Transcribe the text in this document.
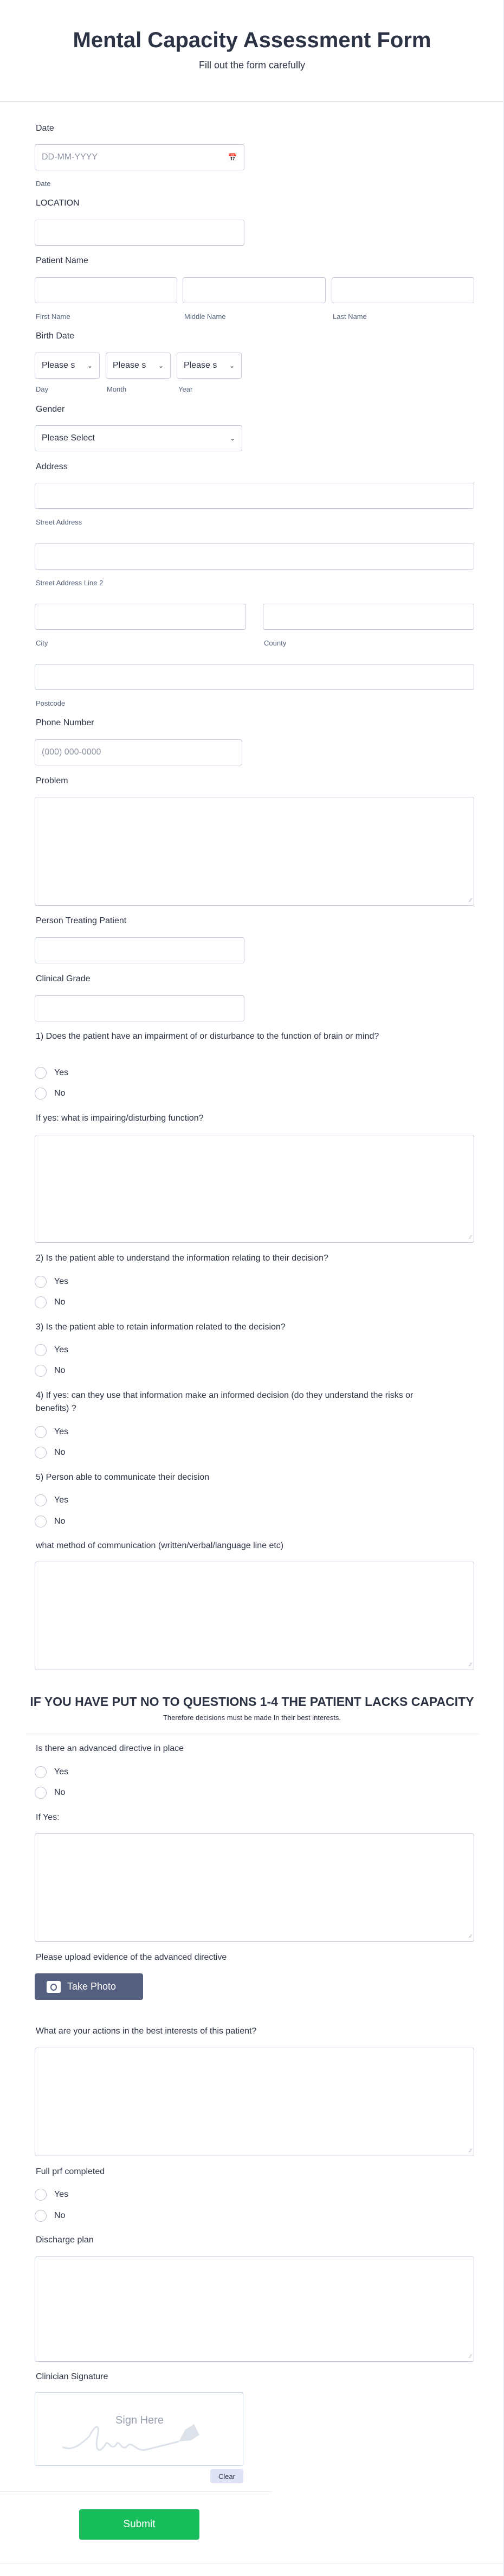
Mental Capacity Assessment Form
Fill out the form carefully
Date
DD-MM-YYYY	📅
Date
LOCATION
Patient Name
First Name	Middle Name	Last Name
Birth Date
Please s ⌄ Please s ⌄ Please s ⌄
Day	Month	Year
Gender
Please Select	⌄
Address
Street Address
Street Address Line 2
City	County
Postcode
Phone Number
(000) 000-0000
Problem
∕∕
Person Treating Patient
Clinical Grade
1) Does the patient have an impairment of or disturbance to the function of brain or mind?
Yes
No
If yes: what is impairing/disturbing function?
∕∕
2) Is the patient able to understand the information relating to their decision?
Yes
No
3) Is the patient able to retain information related to the decision?
Yes
No
4) If yes: can they use that information make an informed decision (do they understand the risks or benefits) ?
Yes
No
5) Person able to communicate their decision
Yes
No
what method of communication (written/verbal/language line etc)
∕∕
IF YOU HAVE PUT NO TO QUESTIONS 1-4 THE PATIENT LACKS CAPACITY
Therefore decisions must be made In their best interests.
Is there an advanced directive in place
Yes
No
If Yes:
∕∕
Please upload evidence of the advanced directive
Take Photo
What are your actions in the best interests of this patient?
∕∕
Full prf completed
Yes
No
Discharge plan
∕∕
Clinician Signature
Sign Here
Clear
Submit
